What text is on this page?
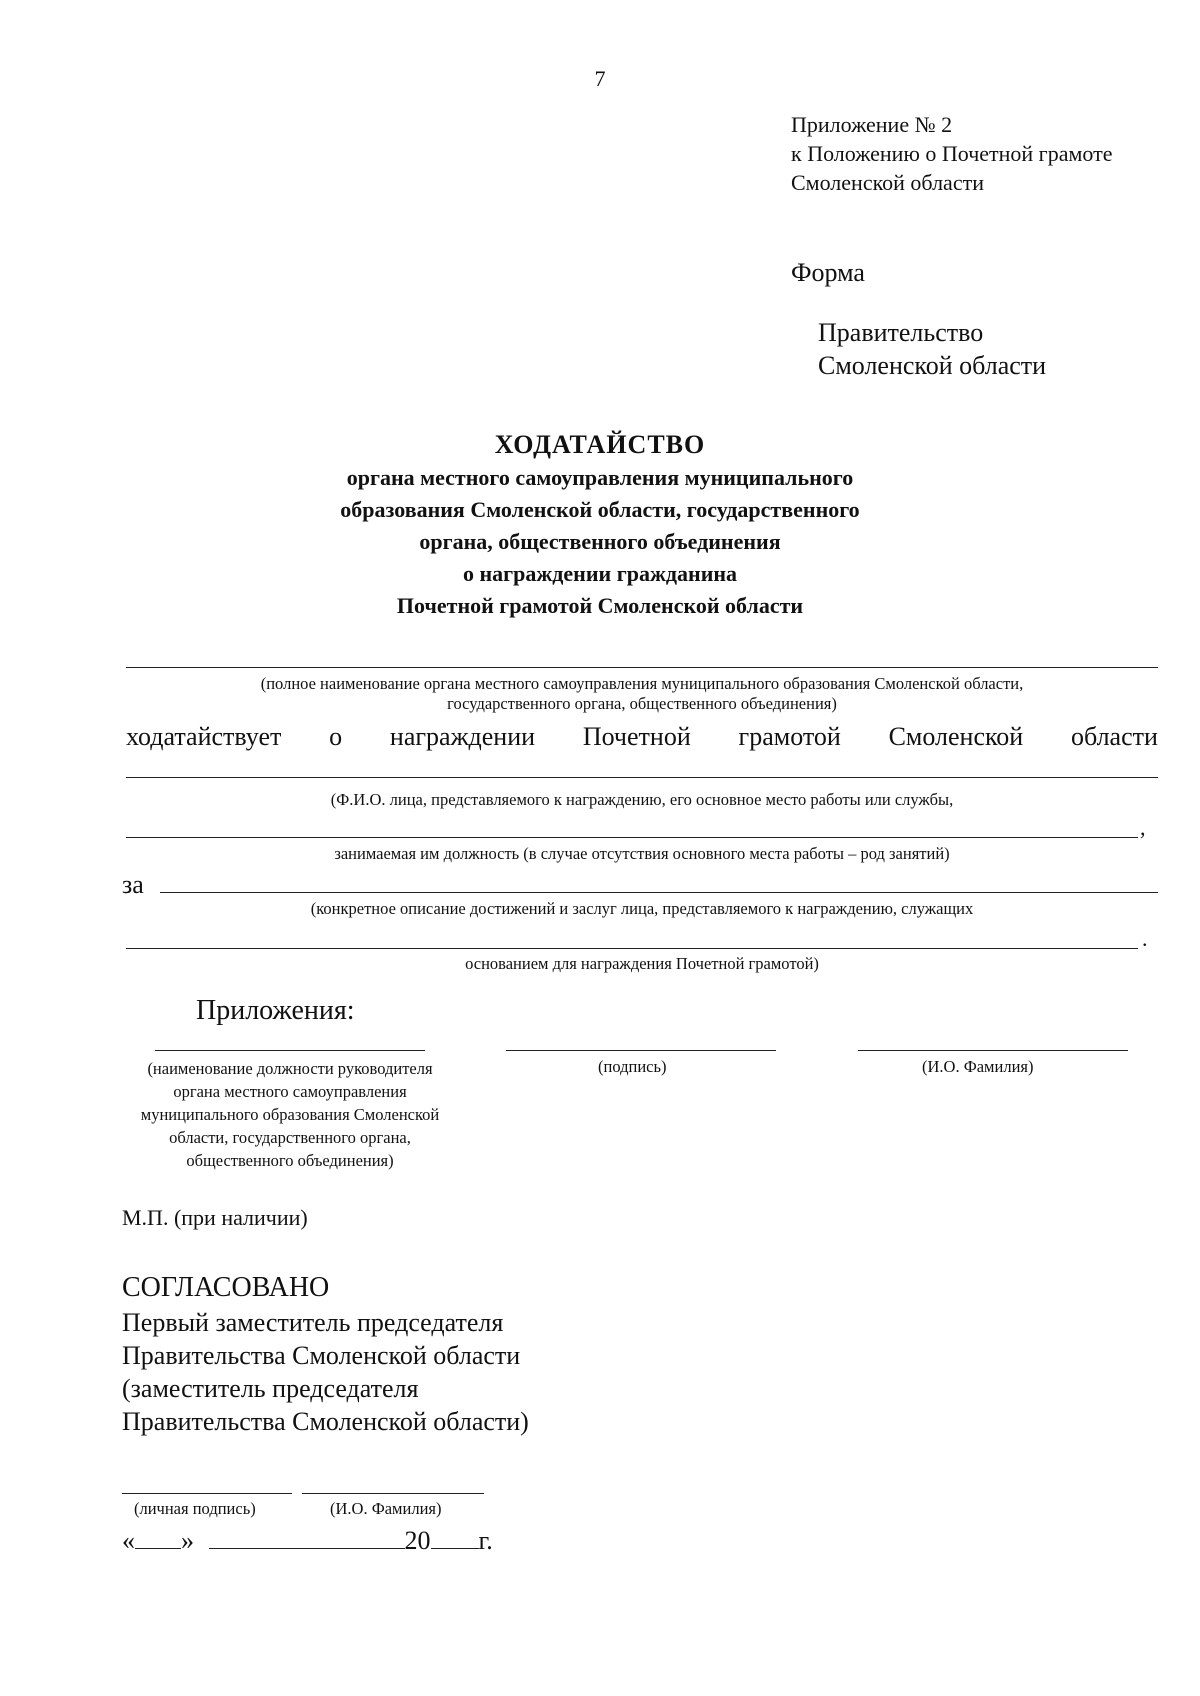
7
Приложение № 2
к Положению о Почетной грамоте
Смоленской области
Форма
Правительство
Смоленской области
ХОДАТАЙСТВО
органа местного самоуправления муниципального
образования Смоленской области, государственного
органа, общественного объединения
о награждении гражданина
Почетной грамотой Смоленской области
(полное наименование органа местного самоуправления муниципального образования Смоленской области,
государственного органа, общественного объединения)
ходатайствует о награждении Почетной грамотой Смоленской области
(Ф.И.О. лица, представляемого к награждению, его основное место работы или службы,
,
занимаемая им должность (в случае отсутствия основного места работы – род занятий)
за
(конкретное описание достижений и заслуг лица, представляемого к награждению, служащих
.
основанием для награждения Почетной грамотой)
Приложения:
(наименование должности руководителя органа местного самоуправления муниципального образования Смоленской области, государственного органа, общественного объединения)
(подпись)	(И.О. Фамилия)
М.П. (при наличии)
СОГЛАСОВАНО
Первый заместитель председателя
Правительства Смоленской области
(заместитель председателя
Правительства Смоленской области)
(личная подпись)	(И.О. Фамилия)
« »	20 г.
